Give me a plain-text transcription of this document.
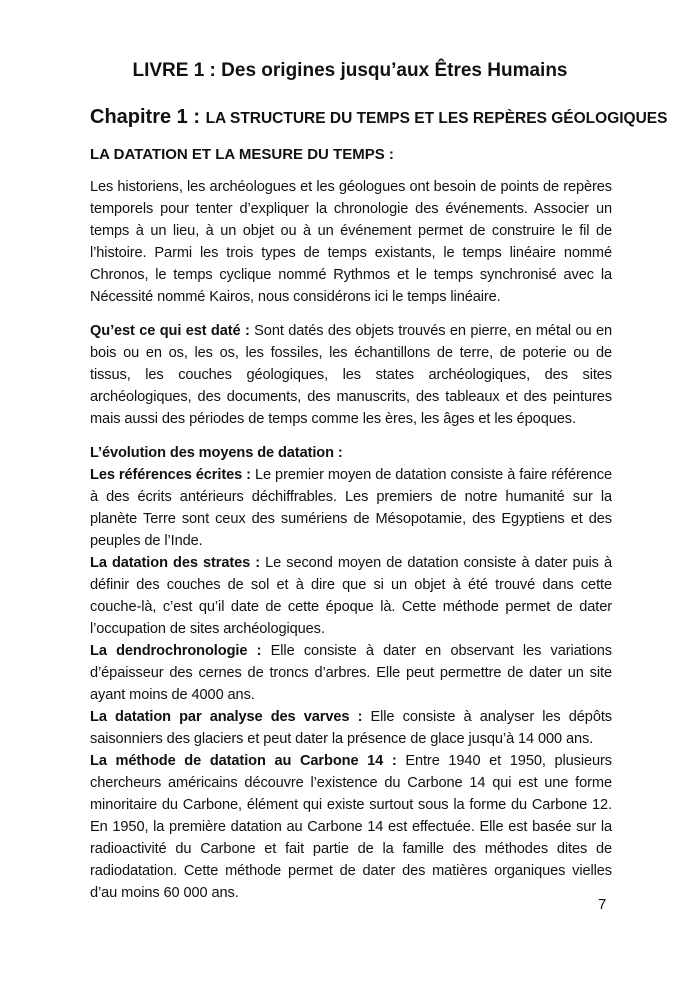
LIVRE 1 : Des origines jusqu’aux Êtres Humains
Chapitre 1 : LA STRUCTURE DU TEMPS ET LES REPÈRES GÉOLOGIQUES
LA DATATION ET LA MESURE DU TEMPS :

Les historiens, les archéologues et les géologues ont besoin de points de repères temporels pour tenter d’expliquer la chronologie des événements. Associer un temps à un lieu, à un objet ou à un événement permet de construire le fil de l’histoire. Parmi les trois types de temps existants, le temps linéaire nommé Chronos, le temps cyclique nommé Rythmos et le temps synchronisé avec la Nécessité nommé Kairos, nous considérons ici le temps linéaire.

Qu’est ce qui est daté : Sont datés des objets trouvés en pierre, en métal ou en bois ou en os, les os, les fossiles, les échantillons de terre, de poterie ou de tissus, les couches géologiques, les states archéologiques, des sites archéologiques, des documents, des manuscrits, des tableaux et des peintures mais aussi des périodes de temps comme les ères, les âges et les époques.

L’évolution des moyens de datation :

Les références écrites : Le premier moyen de datation consiste à faire référence à des écrits antérieurs déchiffrables. Les premiers de notre humanité sur la planète Terre sont ceux des sumériens de Mésopotamie, des Egyptiens et des peuples de l’Inde.

La datation des strates : Le second moyen de datation consiste à dater puis à définir des couches de sol et à dire que si un objet à été trouvé dans cette couche-là, c’est qu’il date de cette époque là. Cette méthode permet de dater l’occupation de sites archéologiques.

La dendrochronologie : Elle consiste à dater en observant les variations d’épaisseur des cernes de troncs d’arbres. Elle peut permettre de dater un site ayant moins de 4000 ans.

La datation par analyse des varves : Elle consiste à analyser les dépôts saisonniers des glaciers et peut dater la présence de glace jusqu’à 14 000 ans.

La méthode de datation au Carbone 14 : Entre 1940 et 1950, plusieurs chercheurs américains découvre l’existence du Carbone 14 qui est une forme minoritaire du Carbone, élément qui existe surtout sous la forme du Carbone 12. En 1950, la première datation au Carbone 14 est effectuée. Elle est basée sur la radioactivité du Carbone et fait partie de la famille des méthodes dites de radiodatation. Cette méthode permet de dater des matières organiques vielles d’au moins 60 000 ans.

7
